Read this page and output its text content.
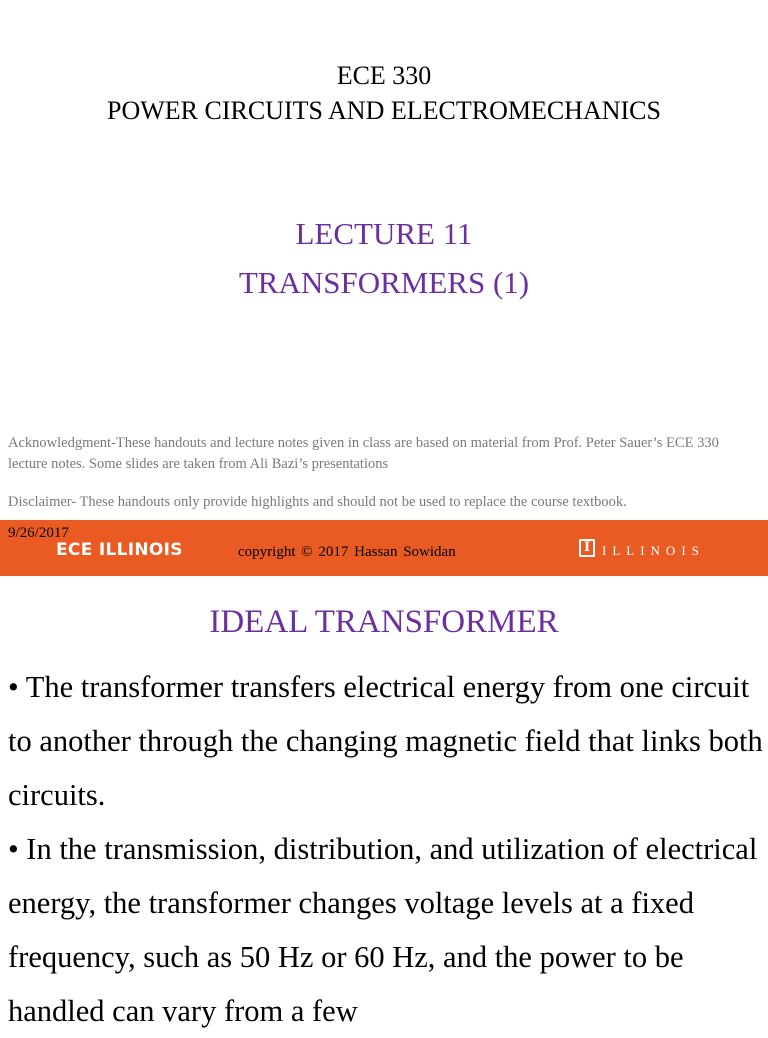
ECE 330
POWER CIRCUITS AND ELECTROMECHANICS
LECTURE 11
TRANSFORMERS (1)
Acknowledgment-These handouts and lecture notes given in class are based on material from Prof. Peter Sauer’s ECE 330 lecture notes. Some slides are taken from Ali Bazi’s presentations
Disclaimer- These handouts only provide highlights and should not be used to replace the course textbook.
9/26/2017
ECE ILLINOIS	copyright © 2017 Hassan Sowidan	I ILLINOIS
IDEAL TRANSFORMER

• The transformer transfers electrical energy from one circuit to another through the changing magnetic field that links both circuits.

• In the transmission, distribution, and utilization of electrical energy, the transformer changes voltage levels at a fixed frequency, such as 50 Hz or 60 Hz, and the power to be handled can vary from a few
